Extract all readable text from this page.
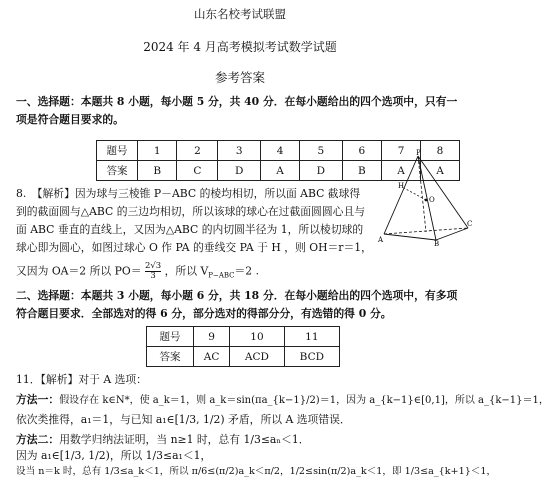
山东名校考试联盟
2024 年 4 月高考模拟考试数学试题
参考答案
一、选择题：本题共 8 小题，每小题 5 分，共 40 分．在每小题给出的四个选项中，只有一
项是符合题目要求的。
题号	1	2	3	4	5	6	7	8
答案	B	C	D	A	D	B	A	A
8.　【解析】因为球与三棱锥 P－ABC 的棱均相切，所以面 ABC 截球得
到的截面圆与△ABC 的三边均相切，所以该球的球心在过截面圆圆心且与
面 ABC 垂直的直线上，又因为△ABC 的内切圆半径为 1，所以棱切球的
球心即为圆心，如图过球心 O 作 PA 的垂线交 PA 于 H ，则 OH＝r＝1，
又因为 OA＝2 所以 $PO= \frac{2√3}{3}$ ，所以 $V_{P-ABC}=2$ .
P
H
O
A	B
C
二、选择题：本题共 3 小题，每小题 6 分，共 18 分．在每小题给出的四个选项中，有多项
符合题目要求．全部选对的得 6 分，部分选对的得部分分，有选错的得 0 分。
题号	9	10	11
答案	AC	ACD	BCD
11．【解析】对于 A 选项：
方法一：假设存在 k∈N*，使 a_k＝1，则 a_k＝sin(πa_{k−1}/2)＝1，因为 a_{k−1}∈[0,1]，所以 a_{k−1}＝1，
依次类推得，a₁＝1，与已知 a₁∈[1/3, 1/2) 矛盾，所以 A 选项错误．
方法二：用数学归纳法证明，当 n≥1 时，总有 1/3≤aₙ＜1．
因为 a₁∈[1/3, 1/2)，所以 1/3≤a₁＜1，
设当 n＝k 时，总有 1/3≤a_k＜1，所以 π/6≤(π/2)a_k＜π/2，1/2≤sin(π/2)a_k＜1，即 1/3≤a_{k+1}＜1，
